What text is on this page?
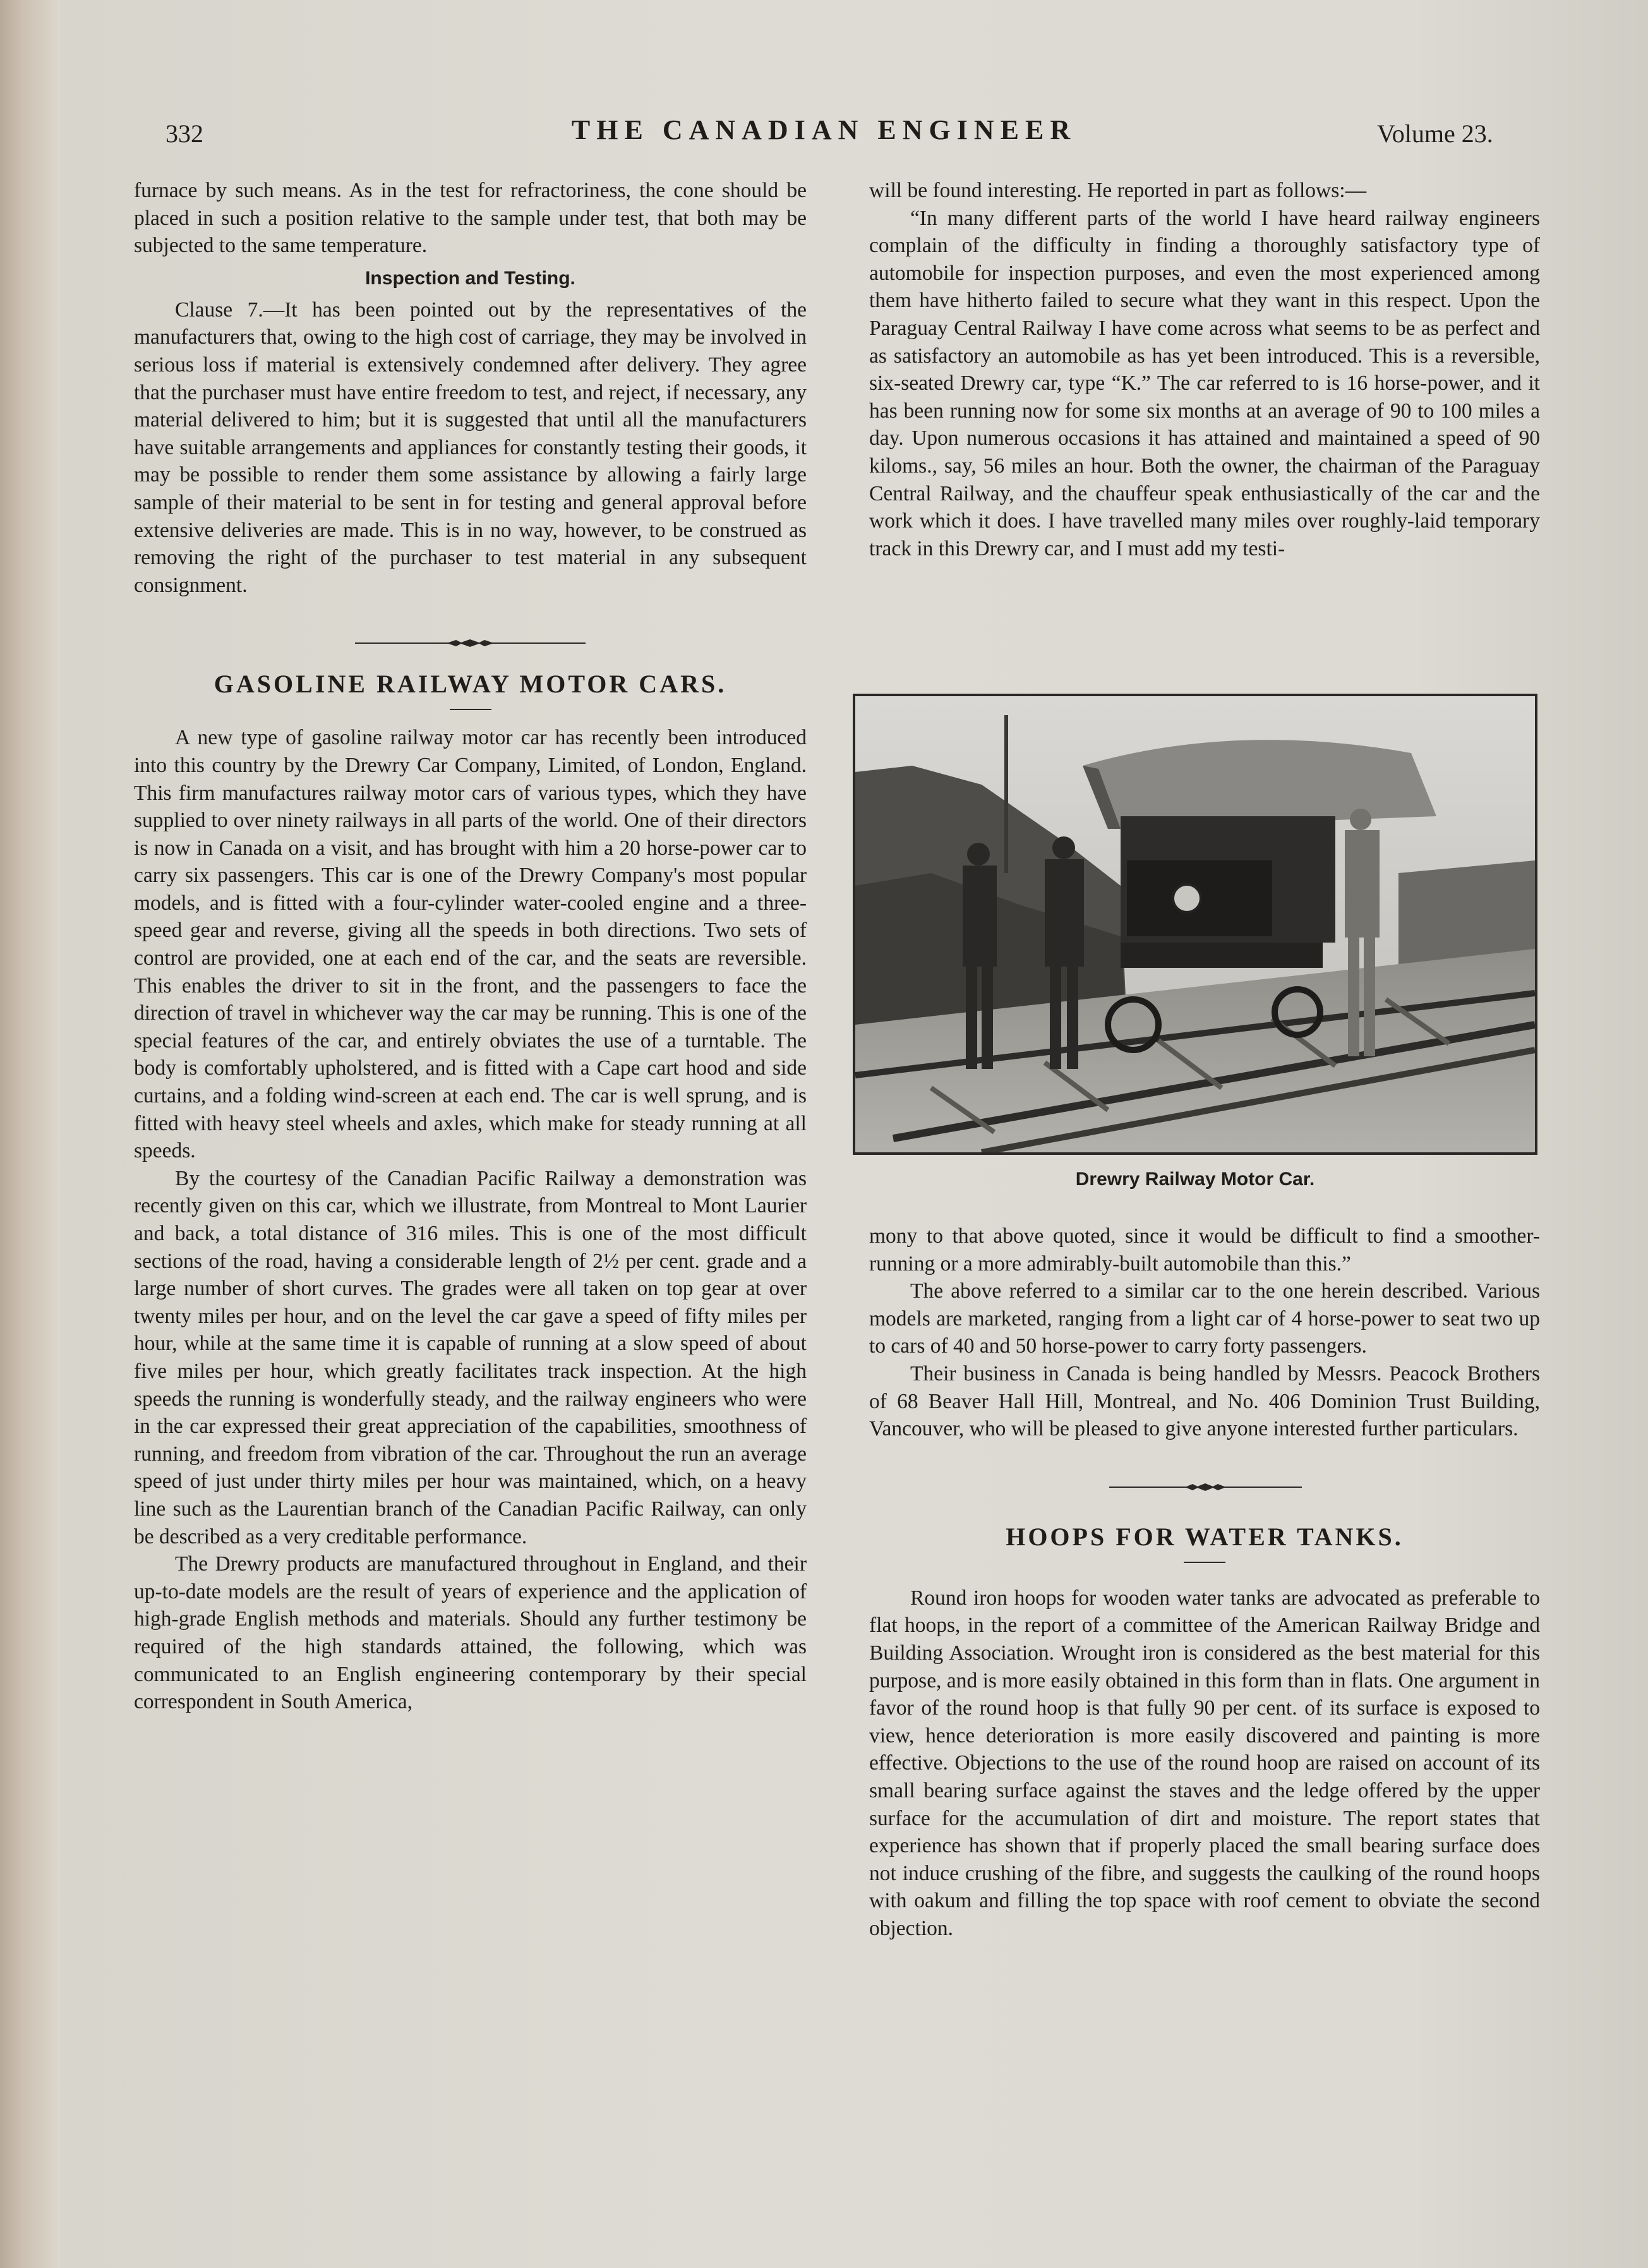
332	THE CANADIAN ENGINEER	Volume 23.

furnace by such means. As in the test for refractoriness, the cone should be placed in such a position relative to the sample under test, that both may be subjected to the same temperature.

Inspection and Testing.

Clause 7.—It has been pointed out by the representatives of the manufacturers that, owing to the high cost of carriage, they may be involved in serious loss if material is extensively condemned after delivery. They agree that the purchaser must have entire freedom to test, and reject, if necessary, any material delivered to him; but it is suggested that until all the manufacturers have suitable arrangements and appliances for constantly testing their goods, it may be possible to render them some assistance by allowing a fairly large sample of their material to be sent in for testing and general approval before extensive deliveries are made. This is in no way, however, to be construed as removing the right of the purchaser to test material in any subsequent consignment.

GASOLINE RAILWAY MOTOR CARS.

A new type of gasoline railway motor car has recently been introduced into this country by the Drewry Car Company, Limited, of London, England. This firm manufactures railway motor cars of various types, which they have supplied to over ninety railways in all parts of the world. One of their directors is now in Canada on a visit, and has brought with him a 20 horse-power car to carry six passengers. This car is one of the Drewry Company's most popular models, and is fitted with a four-cylinder water-cooled engine and a three-speed gear and reverse, giving all the speeds in both directions. Two sets of control are provided, one at each end of the car, and the seats are reversible. This enables the driver to sit in the front, and the passengers to face the direction of travel in whichever way the car may be running. This is one of the special features of the car, and entirely obviates the use of a turntable. The body is comfortably upholstered, and is fitted with a Cape cart hood and side curtains, and a folding wind-screen at each end. The car is well sprung, and is fitted with heavy steel wheels and axles, which make for steady running at all speeds.

By the courtesy of the Canadian Pacific Railway a demonstration was recently given on this car, which we illustrate, from Montreal to Mont Laurier and back, a total distance of 316 miles. This is one of the most difficult sections of the road, having a considerable length of 2½ per cent. grade and a large number of short curves. The grades were all taken on top gear at over twenty miles per hour, and on the level the car gave a speed of fifty miles per hour, while at the same time it is capable of running at a slow speed of about five miles per hour, which greatly facilitates track inspection. At the high speeds the running is wonderfully steady, and the railway engineers who were in the car expressed their great appreciation of the capabilities, smoothness of running, and freedom from vibration of the car. Throughout the run an average speed of just under thirty miles per hour was maintained, which, on a heavy line such as the Laurentian branch of the Canadian Pacific Railway, can only be described as a very creditable performance.

The Drewry products are manufactured throughout in England, and their up-to-date models are the result of years of experience and the application of high-grade English methods and materials. Should any further testimony be required of the high standards attained, the following, which was communicated to an English engineering contemporary by their special correspondent in South America,

will be found interesting. He reported in part as follows:—

“In many different parts of the world I have heard railway engineers complain of the difficulty in finding a thoroughly satisfactory type of automobile for inspection purposes, and even the most experienced among them have hitherto failed to secure what they want in this respect. Upon the Paraguay Central Railway I have come across what seems to be as perfect and as satisfactory an automobile as has yet been introduced. This is a reversible, six-seated Drewry car, type “K.” The car referred to is 16 horse-power, and it has been running now for some six months at an average of 90 to 100 miles a day. Upon numerous occasions it has attained and maintained a speed of 90 kiloms., say, 56 miles an hour. Both the owner, the chairman of the Paraguay Central Railway, and the chauffeur speak enthusiastically of the car and the work which it does. I have travelled many miles over roughly-laid temporary track in this Drewry car, and I must add my testi-

Drewry Railway Motor Car.

mony to that above quoted, since it would be difficult to find a smoother-running or a more admirably-built automobile than this.”

The above referred to a similar car to the one herein described. Various models are marketed, ranging from a light car of 4 horse-power to seat two up to cars of 40 and 50 horse-power to carry forty passengers.

Their business in Canada is being handled by Messrs. Peacock Brothers of 68 Beaver Hall Hill, Montreal, and No. 406 Dominion Trust Building, Vancouver, who will be pleased to give anyone interested further particulars.

HOOPS FOR WATER TANKS.

Round iron hoops for wooden water tanks are advocated as preferable to flat hoops, in the report of a committee of the American Railway Bridge and Building Association. Wrought iron is considered as the best material for this purpose, and is more easily obtained in this form than in flats. One argument in favor of the round hoop is that fully 90 per cent. of its surface is exposed to view, hence deterioration is more easily discovered and painting is more effective. Objections to the use of the round hoop are raised on account of its small bearing surface against the staves and the ledge offered by the upper surface for the accumulation of dirt and moisture. The report states that experience has shown that if properly placed the small bearing surface does not induce crushing of the fibre, and suggests the caulking of the round hoops with oakum and filling the top space with roof cement to obviate the second objection.
